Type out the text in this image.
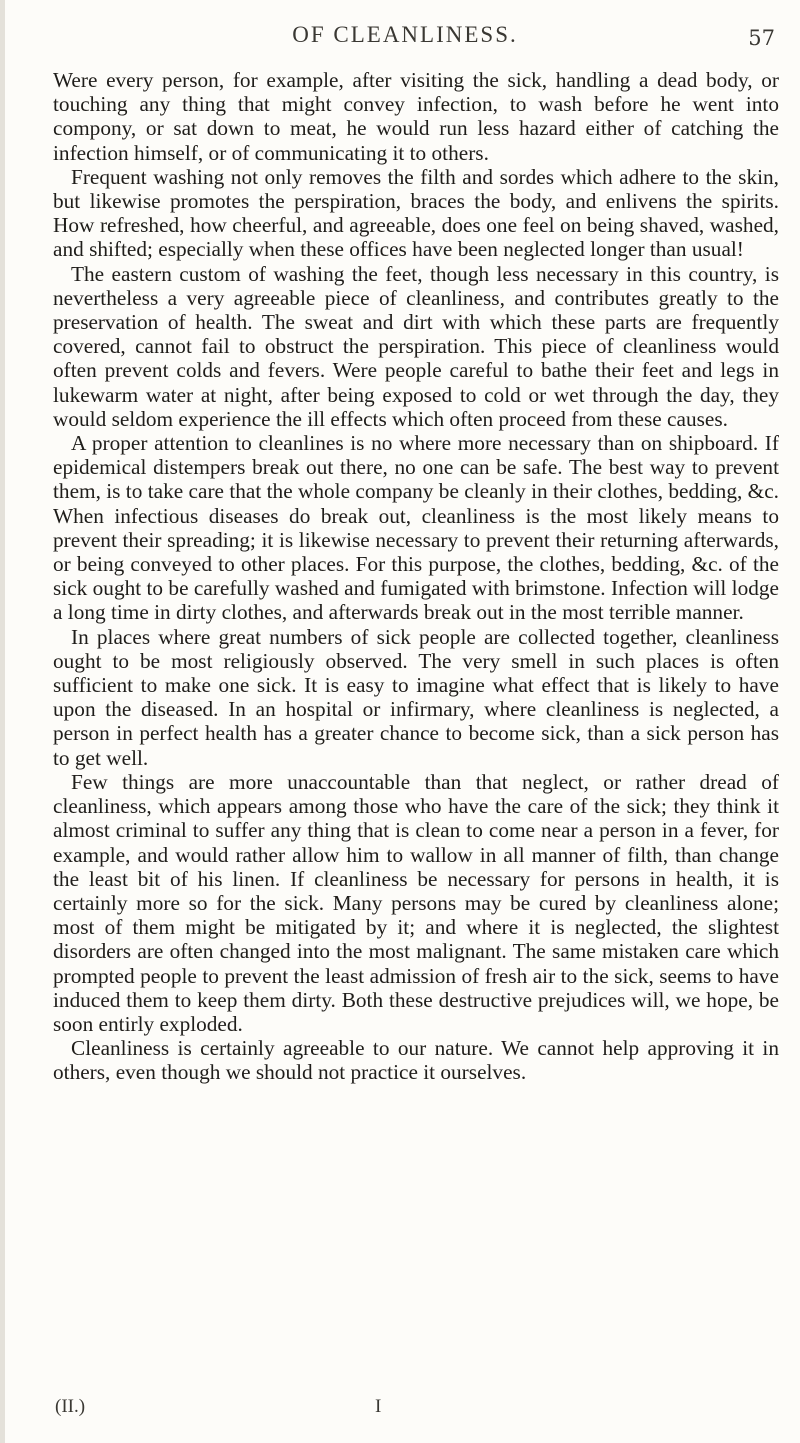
OF CLEANLINESS.	57

Were every person, for example, after visiting the sick, handling a dead body, or touching any thing that might convey infection, to wash before he went into compony, or sat down to meat, he would run less hazard either of catching the infection himself, or of communicating it to others.

Frequent washing not only removes the filth and sordes which adhere to the skin, but likewise promotes the perspiration, braces the body, and enlivens the spirits. How refreshed, how cheerful, and agreeable, does one feel on being shaved, washed, and shifted; especially when these offices have been neglected longer than usual!

The eastern custom of washing the feet, though less necessary in this country, is nevertheless a very agreeable piece of cleanliness, and contributes greatly to the preservation of health. The sweat and dirt with which these parts are frequently covered, cannot fail to obstruct the perspiration. This piece of cleanliness would often prevent colds and fevers. Were people careful to bathe their feet and legs in lukewarm water at night, after being exposed to cold or wet through the day, they would seldom experience the ill effects which often proceed from these causes.

A proper attention to cleanlines is no where more necessary than on shipboard. If epidemical distempers break out there, no one can be safe. The best way to prevent them, is to take care that the whole company be cleanly in their clothes, bedding, &c. When infectious diseases do break out, cleanliness is the most likely means to prevent their spreading; it is likewise necessary to prevent their returning afterwards, or being conveyed to other places. For this purpose, the clothes, bedding, &c. of the sick ought to be carefully washed and fumigated with brimstone. Infection will lodge a long time in dirty clothes, and afterwards break out in the most terrible manner.

In places where great numbers of sick people are collected together, cleanliness ought to be most religiously observed. The very smell in such places is often sufficient to make one sick. It is easy to imagine what effect that is likely to have upon the diseased. In an hospital or infirmary, where cleanliness is neglected, a person in perfect health has a greater chance to become sick, than a sick person has to get well.

Few things are more unaccountable than that neglect, or rather dread of cleanliness, which appears among those who have the care of the sick; they think it almost criminal to suffer any thing that is clean to come near a person in a fever, for example, and would rather allow him to wallow in all manner of filth, than change the least bit of his linen. If cleanliness be necessary for persons in health, it is certainly more so for the sick. Many persons may be cured by cleanliness alone; most of them might be mitigated by it; and where it is neglected, the slightest disorders are often changed into the most malignant. The same mistaken care which prompted people to prevent the least admission of fresh air to the sick, seems to have induced them to keep them dirty. Both these destructive prejudices will, we hope, be soon entirly exploded.

Cleanliness is certainly agreeable to our nature. We cannot help approving it in others, even though we should not practice it ourselves.

(II.)	I
